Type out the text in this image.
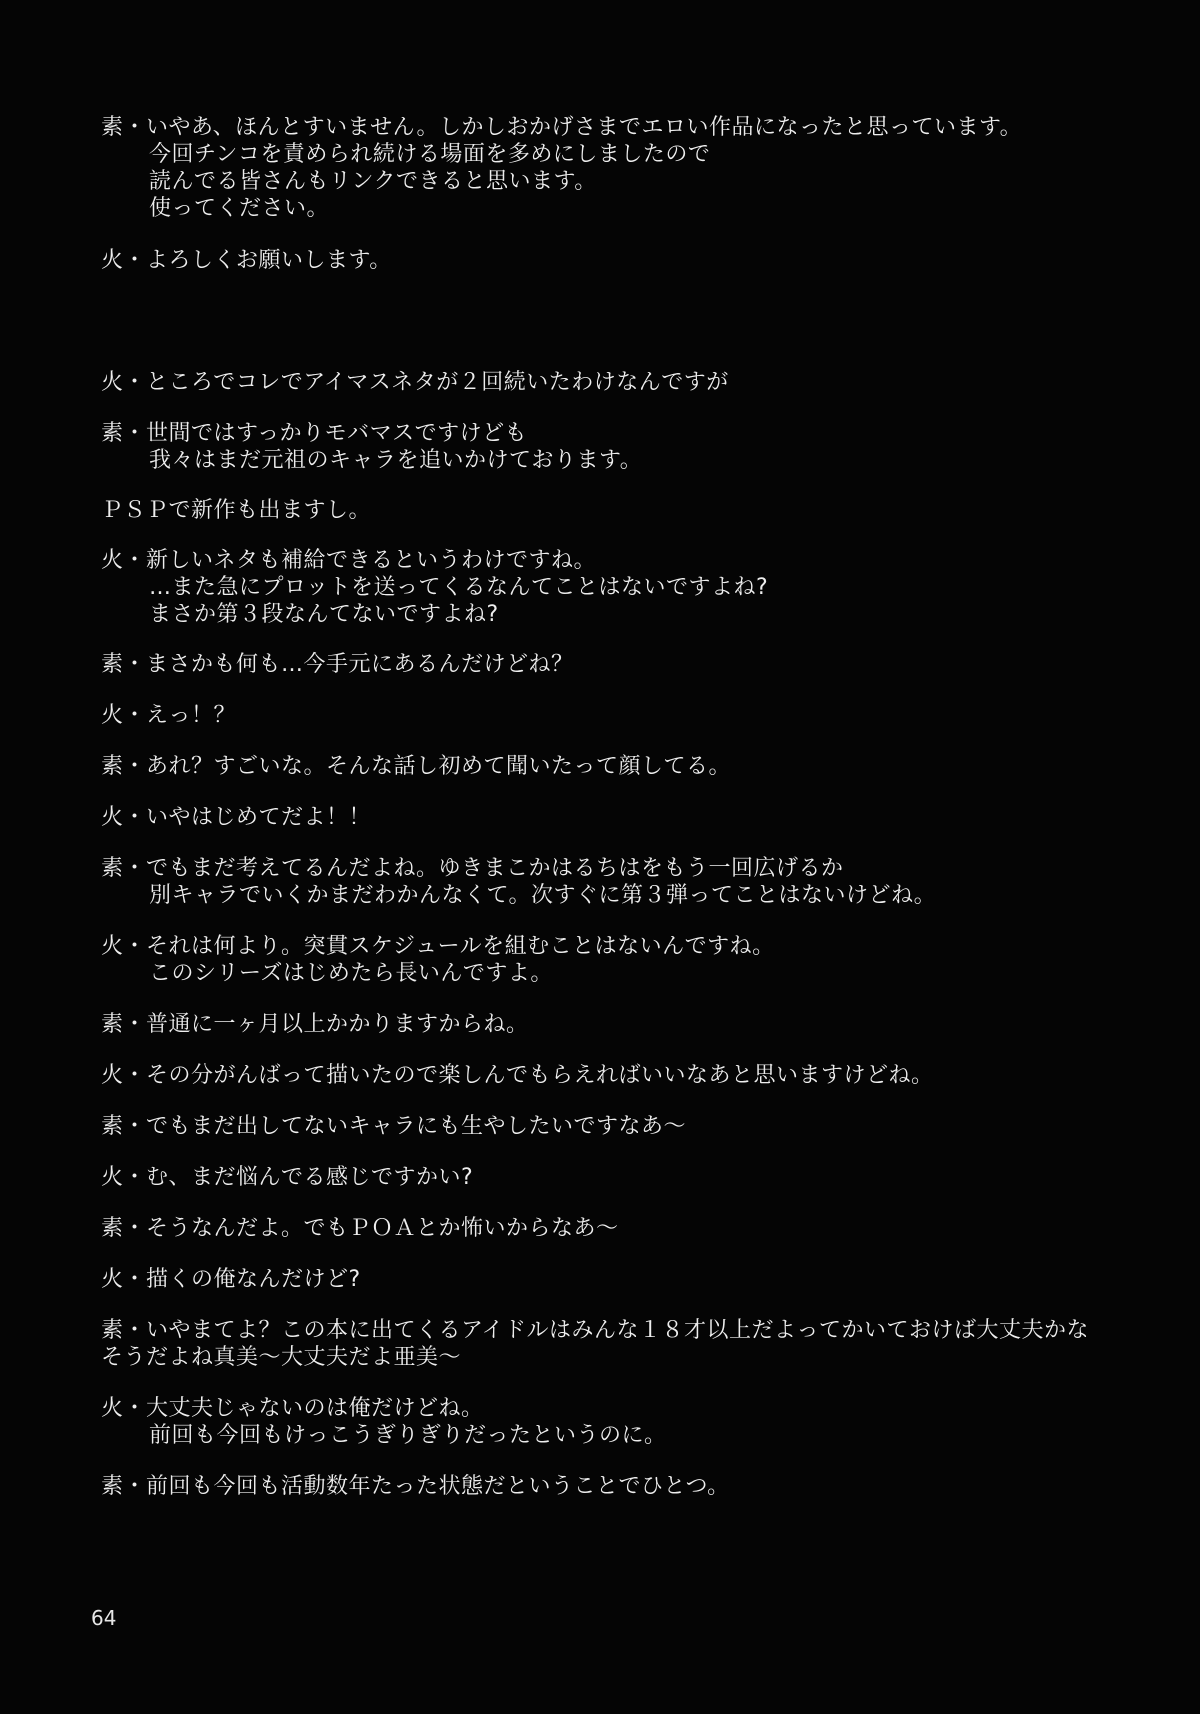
素・いやあ、ほんとすいません。しかしおかげさまでエロい作品になったと思っています。
今回チンコを責められ続ける場面を多めにしましたので
読んでる皆さんもリンクできると思います。
使ってください。

火・よろしくお願いします。

火・ところでコレでアイマスネタが２回続いたわけなんですが

素・世間ではすっかりモバマスですけども
我々はまだ元祖のキャラを追いかけております。

ＰＳＰで新作も出ますし。

火・新しいネタも補給できるというわけですね。
…また急にプロットを送ってくるなんてことはないですよね?
まさか第３段なんてないですよね?

素・まさかも何も…今手元にあるんだけどね？

火・えっ！？

素・あれ？すごいな。そんな話し初めて聞いたって顔してる。

火・いやはじめてだよ！！

素・でもまだ考えてるんだよね。ゆきまこかはるちはをもう一回広げるか
別キャラでいくかまだわかんなくて。次すぐに第３弾ってことはないけどね。

火・それは何より。突貫スケジュールを組むことはないんですね。
このシリーズはじめたら長いんですよ。

素・普通に一ヶ月以上かかりますからね。

火・その分がんばって描いたので楽しんでもらえればいいなあと思いますけどね。

素・でもまだ出してないキャラにも生やしたいですなあ～

火・む、まだ悩んでる感じですかい?

素・そうなんだよ。でもＰＯＡとか怖いからなあ～

火・描くの俺なんだけど?

素・いやまてよ？この本に出てくるアイドルはみんな１８才以上だよってかいておけば大丈夫かな
そうだよね真美～大丈夫だよ亜美～

火・大丈夫じゃないのは俺だけどね。
前回も今回もけっこうぎりぎりだったというのに。

素・前回も今回も活動数年たった状態だということでひとつ。

64
